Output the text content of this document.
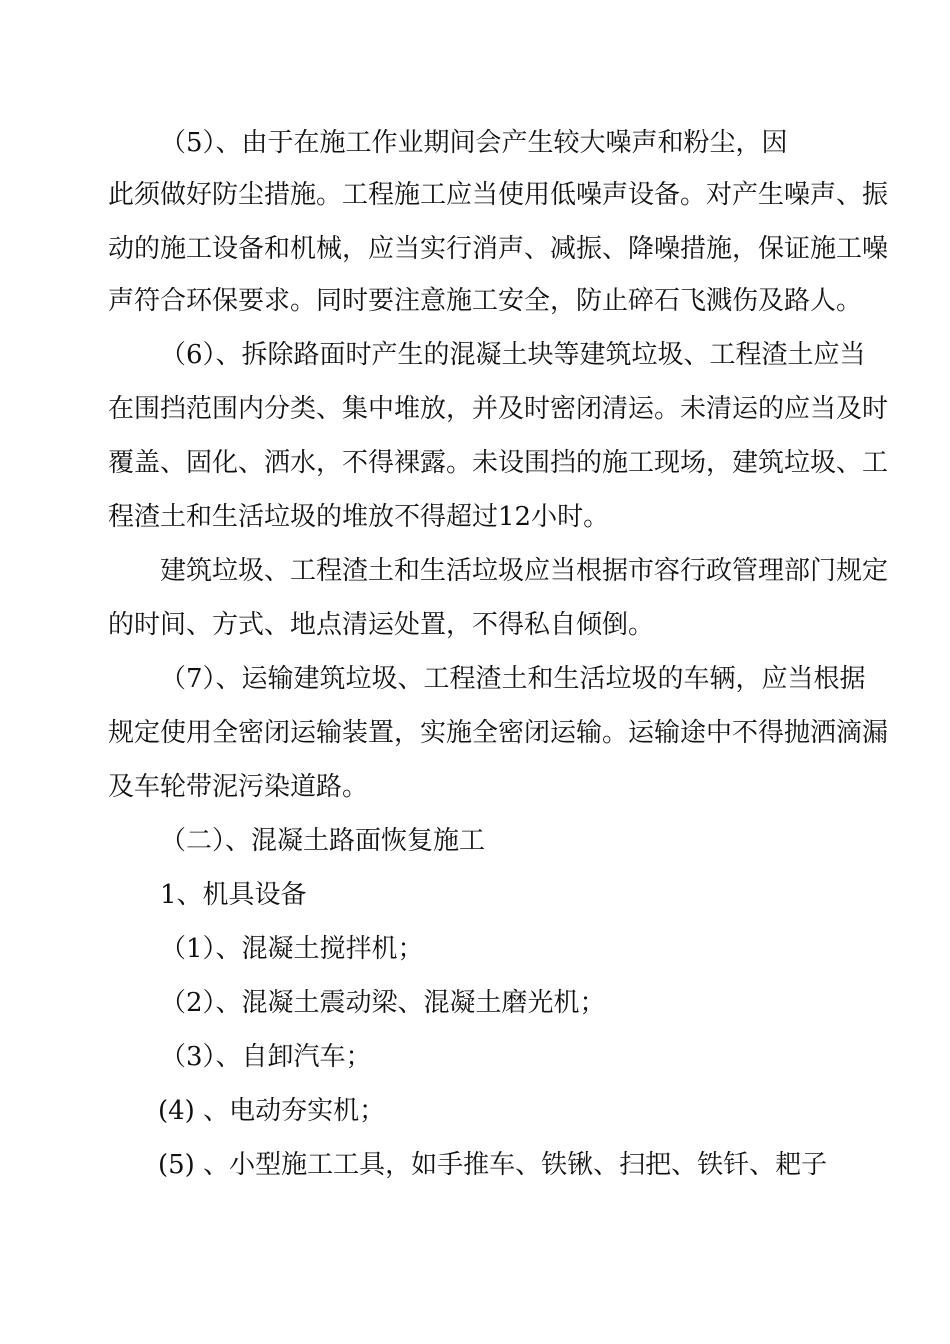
（5）、由于在施工作业期间会产生较大噪声和粉尘，因
此须做好防尘措施。工程施工应当使用低噪声设备。对产生噪声、振
动的施工设备和机械，应当实行消声、减振、降噪措施，保证施工噪
声符合环保要求。同时要注意施工安全，防止碎石飞溅伤及路人。
（6）、拆除路面时产生的混凝土块等建筑垃圾、工程渣土应当
在围挡范围内分类、集中堆放，并及时密闭清运。未清运的应当及时
覆盖、固化、洒水，不得裸露。未设围挡的施工现场，建筑垃圾、工
程渣土和生活垃圾的堆放不得超过12小时。
建筑垃圾、工程渣土和生活垃圾应当根据市容行政管理部门规定
的时间、方式、地点清运处置，不得私自倾倒。
（7）、运输建筑垃圾、工程渣土和生活垃圾的车辆，应当根据
规定使用全密闭运输装置，实施全密闭运输。运输途中不得抛洒滴漏
及车轮带泥污染道路。
（二）、混凝土路面恢复施工
1、机具设备
（1）、混凝土搅拌机；
（2）、混凝土震动梁、混凝土磨光机；
（3）、自卸汽车；
(4) 、电动夯实机；
(5) 、小型施工工具，如手推车、铁锹、扫把、铁钎、耙子
